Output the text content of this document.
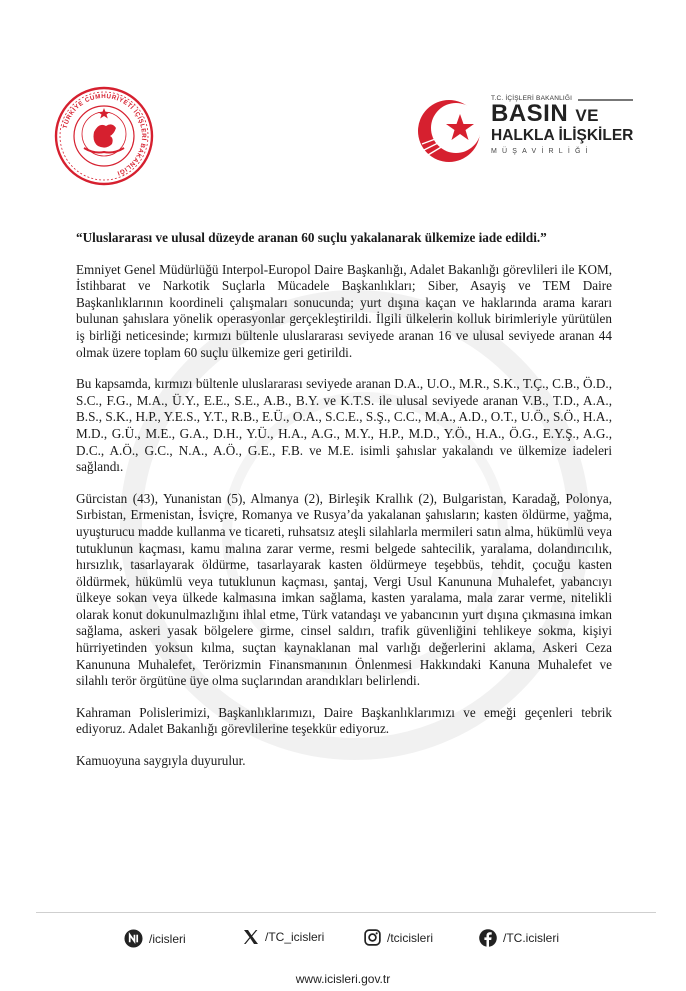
TÜRKİYE CUMHURİYETİ İÇİŞLERİ BAKANLIĞI
T.C. İÇİŞLERİ BAKANLIĞI
BASIN VE
HALKLA İLİŞKİLER
MÜŞAVİRLİĞİ

“Uluslararası ve ulusal düzeyde aranan 60 suçlu yakalanarak ülkemize iade edildi.”

Emniyet Genel Müdürlüğü Interpol-Europol Daire Başkanlığı, Adalet Bakanlığı görevlileri ile KOM, İstihbarat ve Narkotik Suçlarla Mücadele Başkanlıkları; Siber, Asayiş ve TEM Daire Başkanlıklarının koordineli çalışmaları sonucunda; yurt dışına kaçan ve haklarında arama kararı bulunan şahıslara yönelik operasyonlar gerçekleştirildi. İlgili ülkelerin kolluk birimleriyle yürütülen iş birliği neticesinde; kırmızı bültenle uluslararası seviyede aranan 16 ve ulusal seviyede aranan 44 olmak üzere toplam 60 suçlu ülkemize geri getirildi.

Bu kapsamda, kırmızı bültenle uluslararası seviyede aranan D.A., U.O., M.R., S.K., T.Ç., C.B., Ö.D., S.C., F.G., M.A., Ü.Y., E.E., S.E., A.B., B.Y. ve K.T.S. ile ulusal seviyede aranan V.B., T.D., A.A., B.S., S.K., H.P., Y.E.S., Y.T., R.B., E.Ü., O.A., S.C.E., S.Ş., C.C., M.A., A.D., O.T., U.Ö., S.Ö., H.A., M.D., G.Ü., M.E., G.A., D.H., Y.Ü., H.A., A.G., M.Y., H.P., M.D., Y.Ö., H.A., Ö.G., E.Y.Ş., A.G., D.C., A.Ö., G.C., N.A., A.Ö., G.E., F.B. ve M.E. isimli şahıslar yakalandı ve ülkemize iadeleri sağlandı.

Gürcistan (43), Yunanistan (5), Almanya (2), Birleşik Krallık (2), Bulgaristan, Karadağ, Polonya, Sırbistan, Ermenistan, İsviçre, Romanya ve Rusya’da yakalanan şahısların; kasten öldürme, yağma, uyuşturucu madde kullanma ve ticareti, ruhsatsız ateşli silahlarla mermileri satın alma, hükümlü veya tutuklunun kaçması, kamu malına zarar verme, resmi belgede sahtecilik, yaralama, dolandırıcılık, hırsızlık, tasarlayarak öldürme, tasarlayarak kasten öldürmeye teşebbüs, tehdit, çocuğu kasten öldürmek, hükümlü veya tutuklunun kaçması, şantaj, Vergi Usul Kanununa Muhalefet, yabancıyı ülkeye sokan veya ülkede kalmasına imkan sağlama, kasten yaralama, mala zarar verme, nitelikli olarak konut dokunulmazlığını ihlal etme, Türk vatandaşı ve yabancının yurt dışına çıkmasına imkan sağlama, askeri yasak bölgelere girme, cinsel saldırı, trafik güvenliğini tehlikeye sokma, kişiyi hürriyetinden yoksun kılma, suçtan kaynaklanan mal varlığı değerlerini aklama, Askeri Ceza Kanununa Muhalefet, Terörizmin Finansmanının Önlenmesi Hakkındaki Kanuna Muhalefet ve silahlı terör örgütüne üye olma suçlarından arandıkları belirlendi.

Kahraman Polislerimizi, Başkanlıklarımızı, Daire Başkanlıklarımızı ve emeği geçenleri tebrik ediyoruz. Adalet Bakanlığı görevlilerine teşekkür ediyoruz.

Kamuoyuna saygıyla duyurulur.

/icisleri	/TC_icisleri	/tcicisleri	/TC.icisleri
www.icisleri.gov.tr
